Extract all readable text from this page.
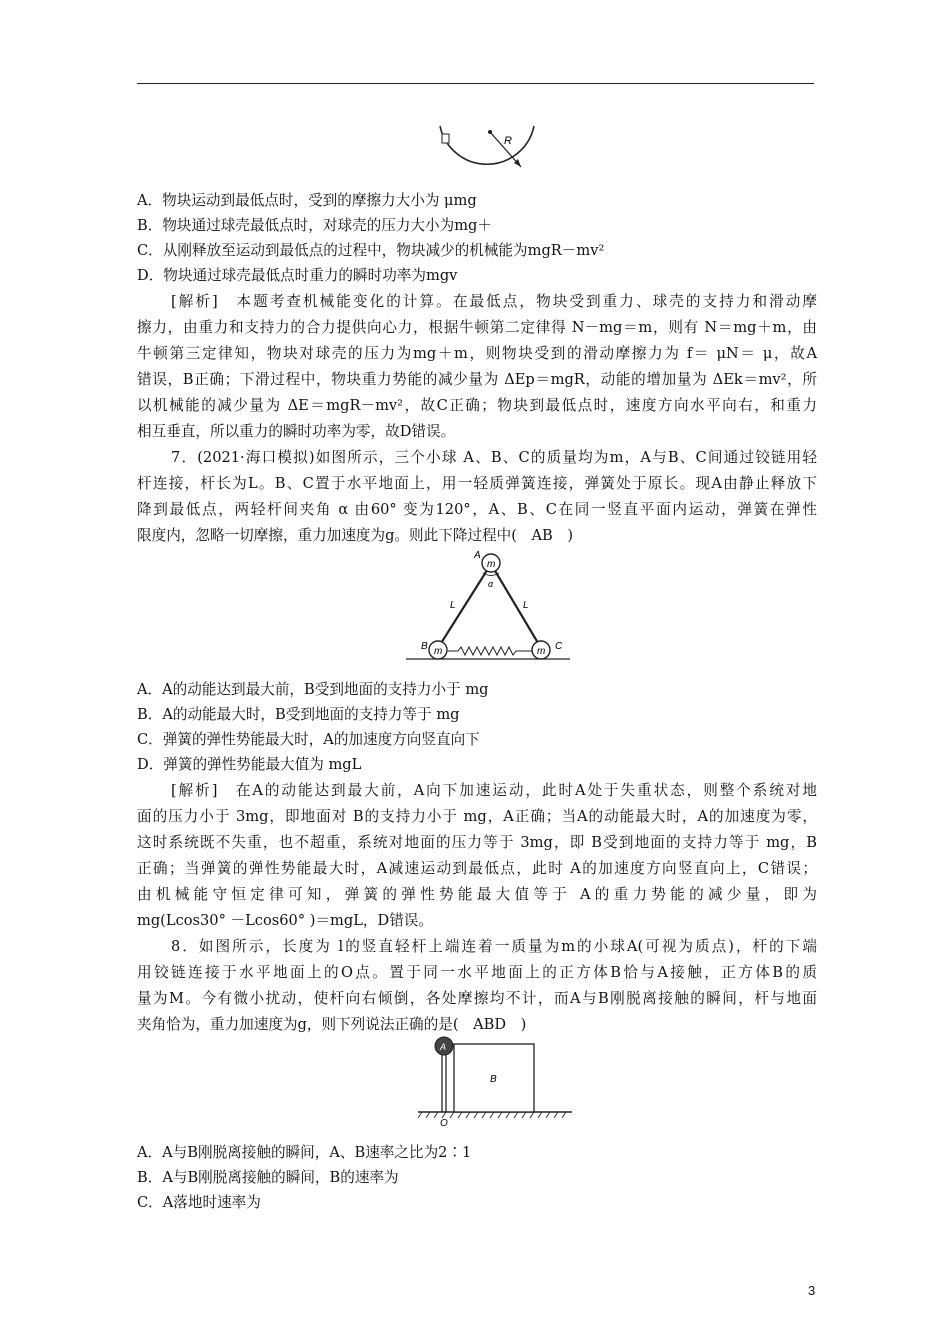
R
A．物块运动到最低点时，受到的摩擦力大小为 μmg
B．物块通过球壳最低点时，对球壳的压力大小为mg＋
C．从刚释放至运动到最低点的过程中，物块减少的机械能为mgR－mv²
D．物块通过球壳最低点时重力的瞬时功率为mgv
[解析]　本题考查机械能变化的计算。在最低点，物块受到重力、球壳的支持力和滑动摩
擦力，由重力和支持力的合力提供向心力，根据牛顿第二定律得 N－mg＝m，则有 N＝mg＋m，由
牛顿第三定律知，物块对球壳的压力为mg＋m，则物块受到的滑动摩擦力为 f＝ μN＝ μ，故A
错误，B正确；下滑过程中，物块重力势能的减少量为 ΔEp＝mgR，动能的增加量为 ΔEk＝mv²，所
以机械能的减少量为 ΔE＝mgR－mv²，故C正确；物块到最低点时，速度方向水平向右，和重力
相互垂直，所以重力的瞬时功率为零，故D错误。
7．(2021·海口模拟)如图所示，三个小球 A、B、C的质量均为m，A与B、C间通过铰链用轻
杆连接，杆长为L。B、C置于水平地面上，用一轻质弹簧连接，弹簧处于原长。现A由静止释放下
降到最低点，两轻杆间夹角 α 由60° 变为120°，A、B、C在同一竖直平面内运动，弹簧在弹性
限度内，忽略一切摩擦，重力加速度为g。则此下降过程中(　AB　)
m
m	m
A
B	C
L	L
α
A．A的动能达到最大前，B受到地面的支持力小于 mg
B．A的动能最大时，B受到地面的支持力等于 mg
C．弹簧的弹性势能最大时，A的加速度方向竖直向下
D．弹簧的弹性势能最大值为 mgL
[解析]　在A的动能达到最大前，A向下加速运动，此时A处于失重状态，则整个系统对地
面的压力小于 3mg，即地面对 B的支持力小于 mg，A正确；当A的动能最大时，A的加速度为零，
这时系统既不失重，也不超重，系统对地面的压力等于 3mg，即 B受到地面的支持力等于 mg，B
正确；当弹簧的弹性势能最大时，A减速运动到最低点，此时 A的加速度方向竖直向上，C错误；
由机械能守恒定律可知，弹簧的弹性势能最大值等于 A的重力势能的减少量，即为
mg(Lcos30° －Lcos60° )＝mgL，D错误。
8．如图所示，长度为 l的竖直轻杆上端连着一质量为m的小球A(可视为质点)，杆的下端
用铰链连接于水平地面上的O点。置于同一水平地面上的正方体B恰与A接触，正方体B的质
量为M。今有微小扰动，使杆向右倾倒，各处摩擦均不计，而A与B刚脱离接触的瞬间，杆与地面
夹角恰为，重力加速度为g，则下列说法正确的是(　ABD　)
A
B
O
A．A与B刚脱离接触的瞬间，A、B速率之比为2∶1
B．A与B刚脱离接触的瞬间，B的速率为
C．A落地时速率为
3
